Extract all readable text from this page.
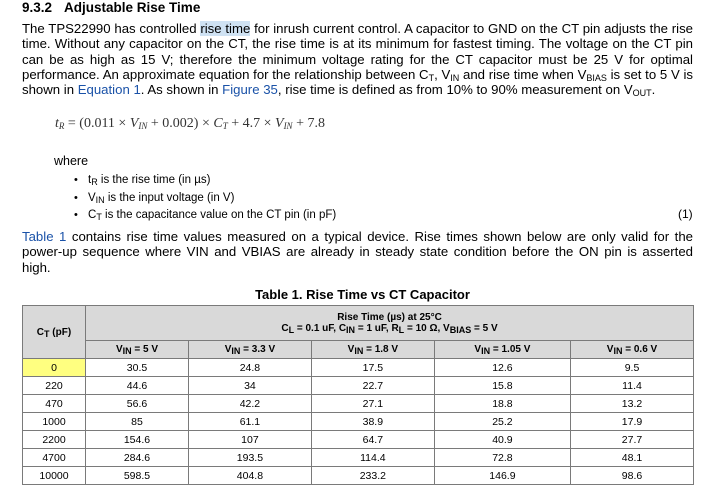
9.3.2 Adjustable Rise Time
The TPS22990 has controlled rise time for inrush current control. A capacitor to GND on the CT pin adjusts the rise time. Without any capacitor on the CT, the rise time is at its minimum for fastest timing. The voltage on the CT pin can be as high as 15 V; therefore the minimum voltage rating for the CT capacitor must be 25 V for optimal performance. An approximate equation for the relationship between $C_T$, $V_{IN}$ and rise time when $V_{BIAS}$ is set to 5 V is shown in Equation 1. As shown in Figure 35, rise time is defined as from 10% to 90% measurement on $V_{OUT}$.
$t_R = (0.011 \times V_{IN} + 0.002) \times C_T + 4.7 \times V_{IN} + 7.8$
where
• $t_R$ is the rise time (in µs)
• $V_{IN}$ is the input voltage (in V)
• $C_T$ is the capacitance value on the CT pin (in pF)	(1)
Table 1 contains rise time values measured on a typical device. Rise times shown below are only valid for the power-up sequence where VIN and VBIAS are already in steady state condition before the ON pin is asserted high.
Table 1. Rise Time vs CT Capacitor
$C_T$ (pF)	Rise Time (µs) at 25°C
$C_L = 0.1$ uF, $C_{IN} = 1$ uF, $R_L = 10$ Ω, $V_{BIAS} = 5$ V				

	$V_{IN} = 5$ V	$V_{IN} = 3.3$ V	$V_{IN} = 1.8$ V	$V_{IN} = 1.05$ V	$V_{IN} = 0.6$ V
0	30.5	24.8	17.5	12.6	9.5
220	44.6	34	22.7	15.8	11.4
470	56.6	42.2	27.1	18.8	13.2
1000	85	61.1	38.9	25.2	17.9
2200	154.6	107	64.7	40.9	27.7
4700	284.6	193.5	114.4	72.8	48.1
10000	598.5	404.8	233.2	146.9	98.6
